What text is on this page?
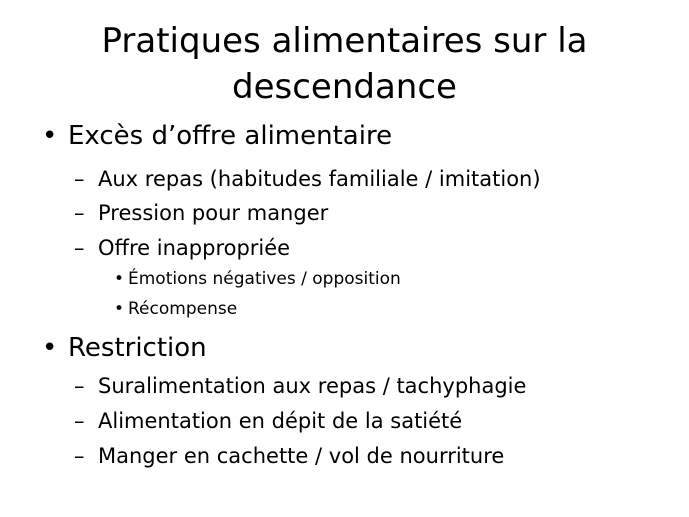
Pratiques alimentaires sur la
descendance
• Excès d’offre alimentaire
– Aux repas (habitudes familiale / imitation)
– Pression pour manger
– Offre inappropriée
• Émotions négatives / opposition
• Récompense
• Restriction
– Suralimentation aux repas / tachyphagie
– Alimentation en dépit de la satiété
– Manger en cachette / vol de nourriture
